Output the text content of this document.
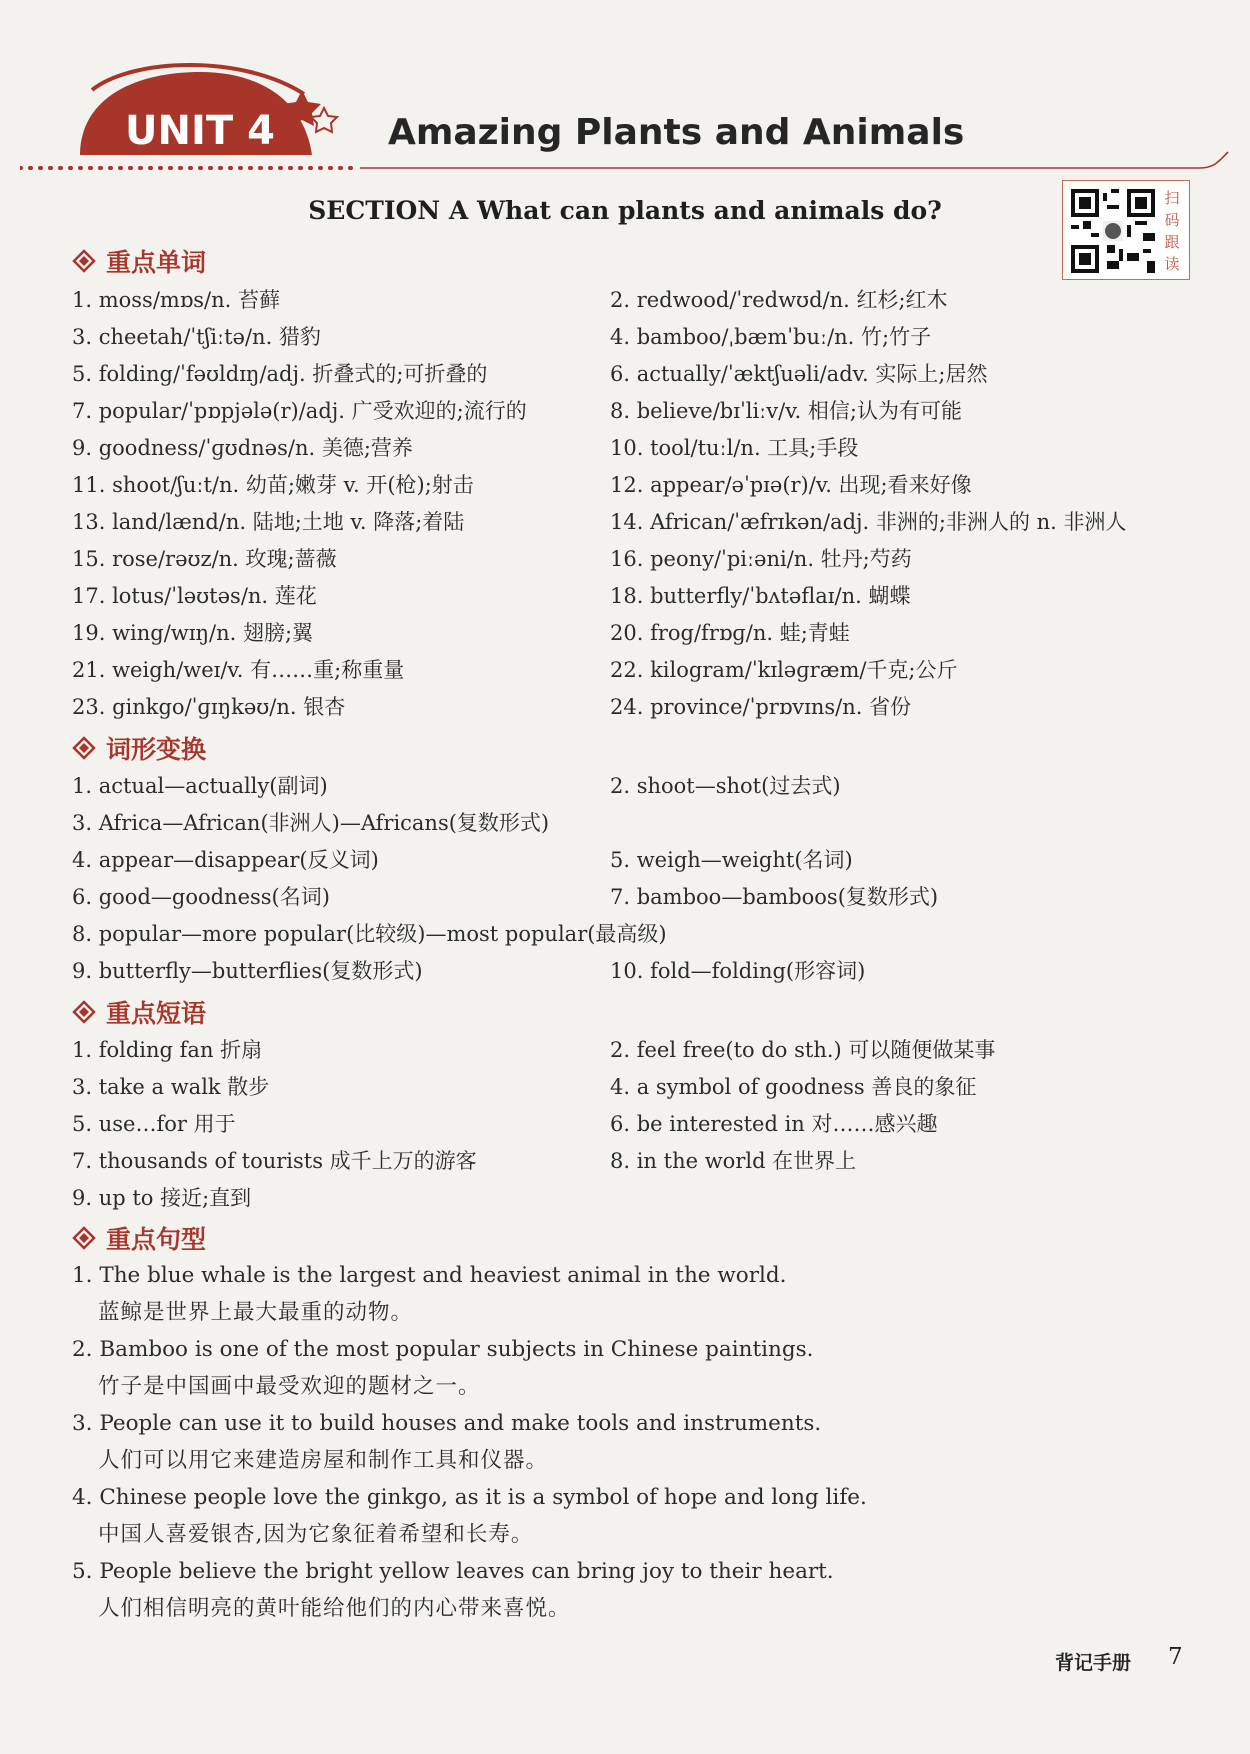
UNIT 4	Amazing Plants and Animals
SECTION A What can plants and animals do?	扫
码
跟
读
重点单词
1. moss/mɒs/n. 苔藓	2. redwood/ˈredwʊd/n. 红杉;红木
3. cheetah/ˈtʃiːtə/n. 猎豹	4. bamboo/ˌbæmˈbuː/n. 竹;竹子
5. folding/ˈfəʊldɪŋ/adj. 折叠式的;可折叠的	6. actually/ˈæktʃuəli/adv. 实际上;居然
7. popular/ˈpɒpjələ(r)/adj. 广受欢迎的;流行的	8. believe/bɪˈliːv/v. 相信;认为有可能
9. goodness/ˈɡʊdnəs/n. 美德;营养	10. tool/tuːl/n. 工具;手段
11. shoot/ʃuːt/n. 幼苗;嫩芽 v. 开(枪);射击	12. appear/əˈpɪə(r)/v. 出现;看来好像
13. land/lænd/n. 陆地;土地 v. 降落;着陆	14. African/ˈæfrɪkən/adj. 非洲的;非洲人的 n. 非洲人
15. rose/rəʊz/n. 玫瑰;蔷薇	16. peony/ˈpiːəni/n. 牡丹;芍药
17. lotus/ˈləʊtəs/n. 莲花	18. butterfly/ˈbʌtəflaɪ/n. 蝴蝶
19. wing/wɪŋ/n. 翅膀;翼	20. frog/frɒɡ/n. 蛙;青蛙
21. weigh/weɪ/v. 有……重;称重量	22. kilogram/ˈkɪləɡræm/千克;公斤
23. ginkgo/ˈɡɪŋkəʊ/n. 银杏	24. province/ˈprɒvɪns/n. 省份
词形变换
1. actual—actually(副词)	2. shoot—shot(过去式)
3. Africa—African(非洲人)—Africans(复数形式)
4. appear—disappear(反义词)	5. weigh—weight(名词)
6. good—goodness(名词)	7. bamboo—bamboos(复数形式)
8. popular—more popular(比较级)—most popular(最高级)
9. butterfly—butterflies(复数形式)	10. fold—folding(形容词)
重点短语
1. folding fan 折扇	2. feel free(to do sth.) 可以随便做某事
3. take a walk 散步	4. a symbol of goodness 善良的象征
5. use…for 用于	6. be interested in 对……感兴趣
7. thousands of tourists 成千上万的游客	8. in the world 在世界上
9. up to 接近;直到
重点句型
1. The blue whale is the largest and heaviest animal in the world.
蓝鲸是世界上最大最重的动物。
2. Bamboo is one of the most popular subjects in Chinese paintings.
竹子是中国画中最受欢迎的题材之一。
3. People can use it to build houses and make tools and instruments.
人们可以用它来建造房屋和制作工具和仪器。
4. Chinese people love the ginkgo, as it is a symbol of hope and long life.
中国人喜爱银杏,因为它象征着希望和长寿。
5. People believe the bright yellow leaves can bring joy to their heart.
人们相信明亮的黄叶能给他们的内心带来喜悦。
背记手册 7
